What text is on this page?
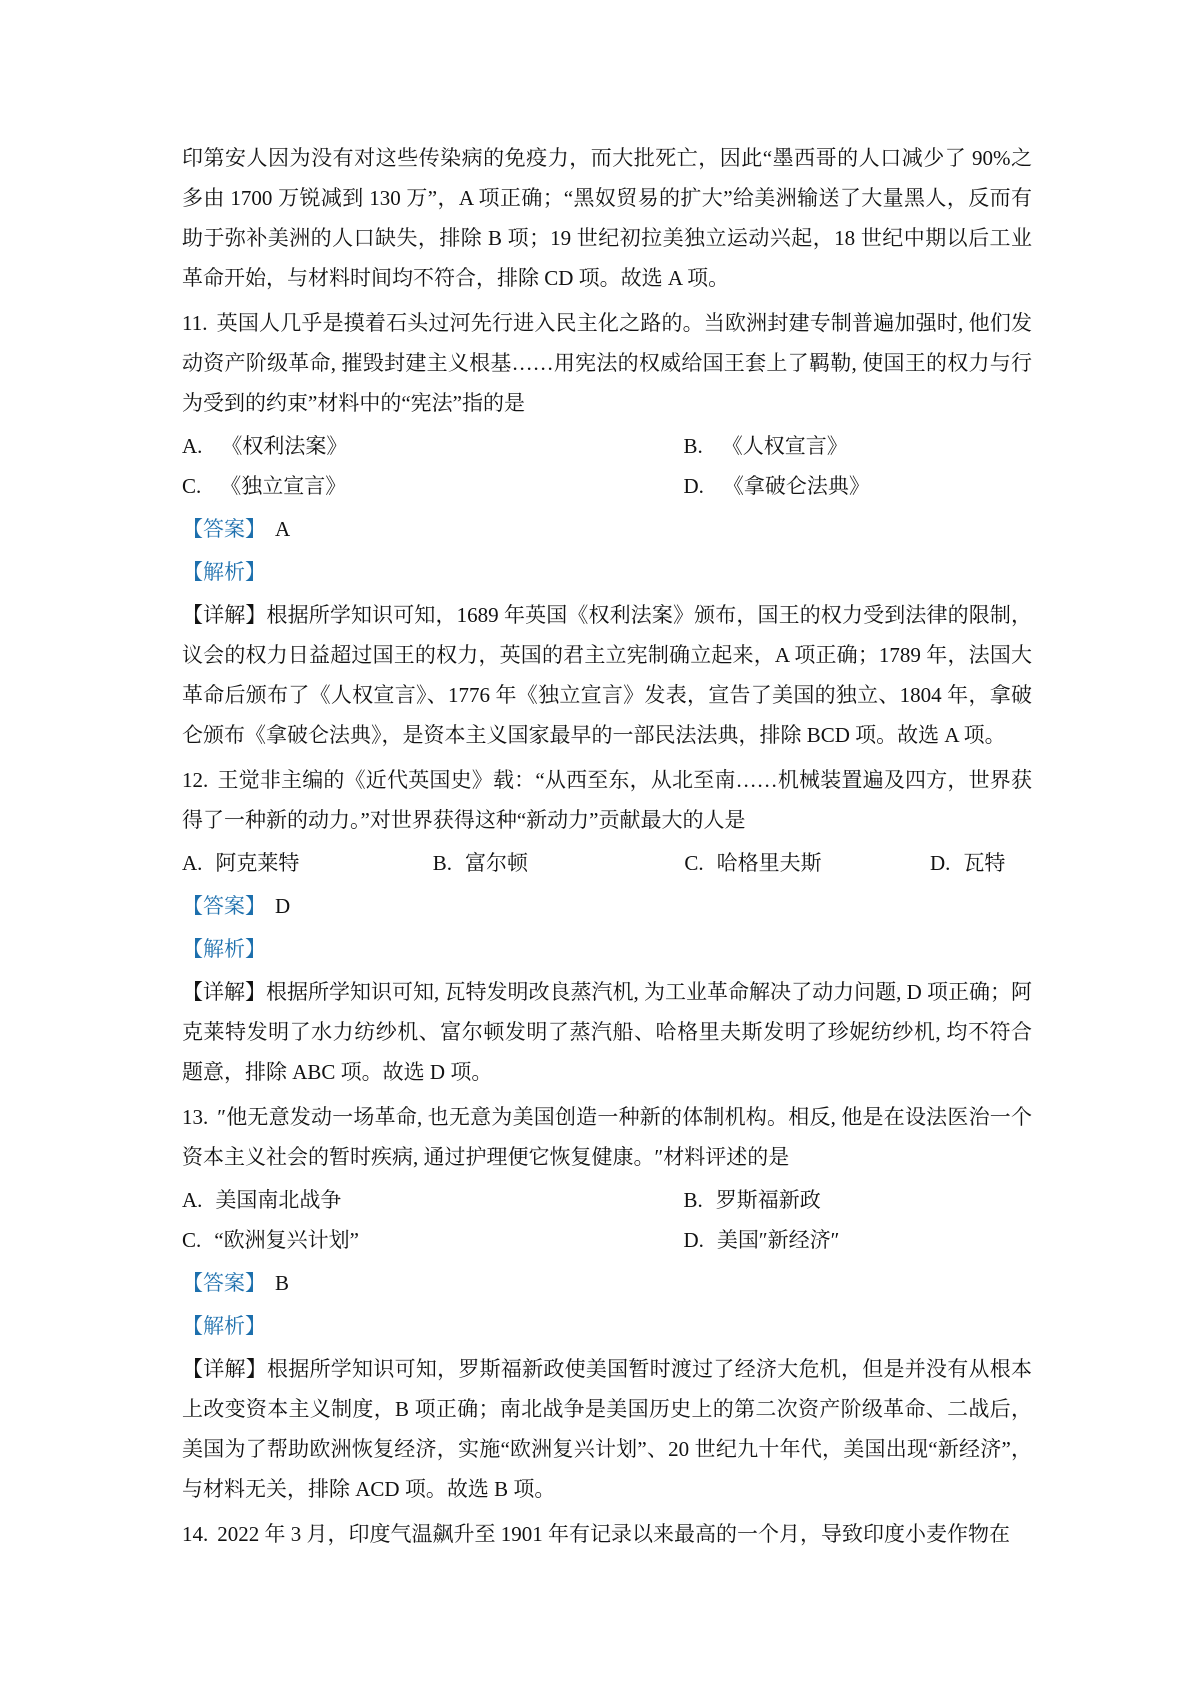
印第安人因为没有对这些传染病的免疫力，而大批死亡，因此“墨西哥的人口减少了 90%之多由 1700 万锐减到 130 万”，A 项正确；“黑奴贸易的扩大”给美洲输送了大量黑人，反而有助于弥补美洲的人口缺失，排除 B 项；19 世纪初拉美独立运动兴起，18 世纪中期以后工业革命开始，与材料时间均不符合，排除 CD 项。故选 A 项。

11. 英国人几乎是摸着石头过河先行进入民主化之路的。当欧洲封建专制普遍加强时, 他们发动资产阶级革命, 摧毁封建主义根基……用宪法的权威给国王套上了羁勒, 使国王的权力与行为受到的约束”材料中的“宪法”指的是

A. 《权利法案》	B. 《人权宣言》
C. 《独立宣言》	D. 《拿破仑法典》

【答案】 A

【解析】

【详解】根据所学知识可知，1689 年英国《权利法案》颁布，国王的权力受到法律的限制，议会的权力日益超过国王的权力，英国的君主立宪制确立起来，A 项正确；1789 年，法国大革命后颁布了《人权宣言》、1776 年《独立宣言》发表，宣告了美国的独立、1804 年，拿破仑颁布《拿破仑法典》，是资本主义国家最早的一部民法法典，排除 BCD 项。故选 A 项。

12. 王觉非主编的《近代英国史》载：“从西至东，从北至南……机械装置遍及四方，世界获得了一种新的动力。”对世界获得这种“新动力”贡献最大的人是

A. 阿克莱特	B. 富尔顿	C. 哈格里夫斯	D. 瓦特

【答案】 D

【解析】

【详解】根据所学知识可知, 瓦特发明改良蒸汽机, 为工业革命解决了动力问题, D 项正确；阿克莱特发明了水力纺纱机、富尔顿发明了蒸汽船、哈格里夫斯发明了珍妮纺纱机, 均不符合题意，排除 ABC 项。故选 D 项。

13. ″他无意发动一场革命, 也无意为美国创造一种新的体制机构。相反, 他是在设法医治一个资本主义社会的暂时疾病, 通过护理便它恢复健康。″材料评述的是

A. 美国南北战争	B. 罗斯福新政
C. “欧洲复兴计划”	D. 美国″新经济″

【答案】 B

【解析】

【详解】根据所学知识可知，罗斯福新政使美国暂时渡过了经济大危机，但是并没有从根本上改变资本主义制度，B 项正确；南北战争是美国历史上的第二次资产阶级革命、二战后，美国为了帮助欧洲恢复经济，实施“欧洲复兴计划”、20 世纪九十年代，美国出现“新经济”，与材料无关，排除 ACD 项。故选 B 项。

14. 2022 年 3 月，印度气温飙升至 1901 年有记录以来最高的一个月，导致印度小麦作物在
